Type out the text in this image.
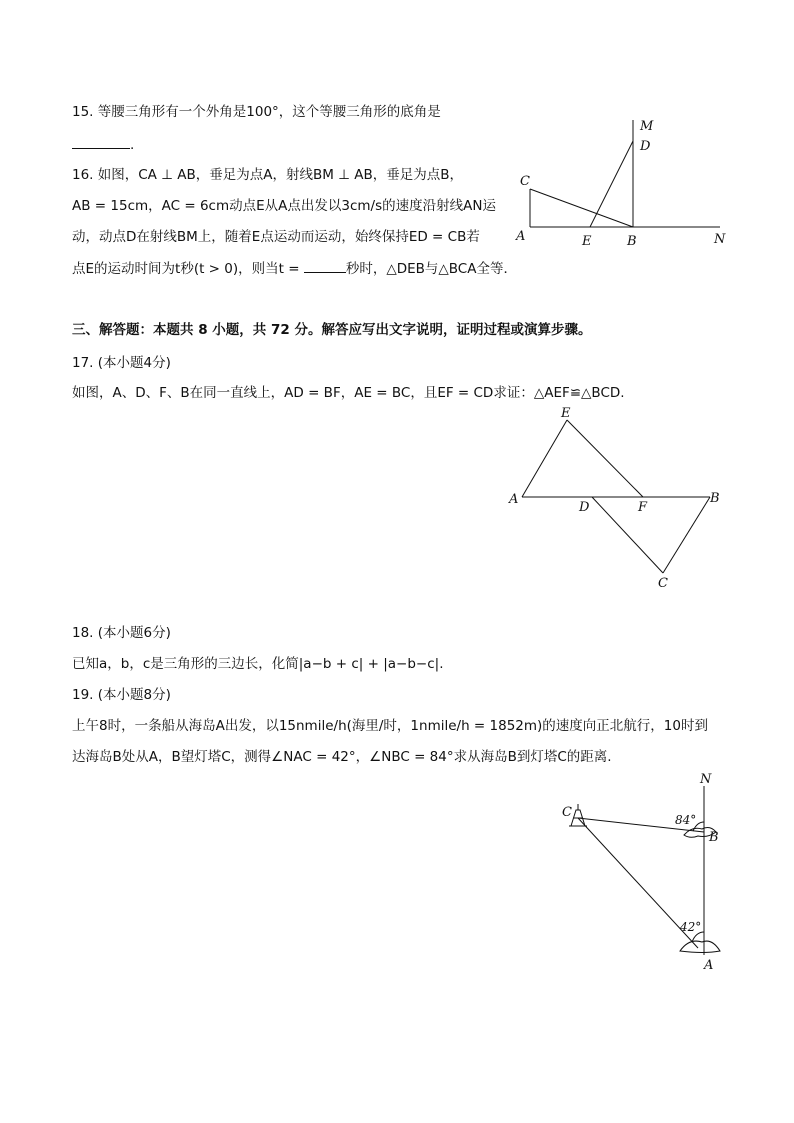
15. 等腰三角形有一个外角是100°，这个等腰三角形的底角是
.
16. 如图，CA ⊥ AB，垂足为点A，射线BM ⊥ AB，垂足为点B，
AB = 15cm，AC = 6cm动点E从A点出发以3cm/s的速度沿射线AN运
动，动点D在射线BM上，随着E点运动而运动，始终保持ED = CB若
点E的运动时间为t秒(t > 0)，则当t =	秒时，△DEB与△BCA全等．
M
D
C
A	E	B	N
三、解答题：本题共 8 小题，共 72 分。解答应写出文字说明，证明过程或演算步骤。
17. (本小题4分)
如图，A、D、F、B在同一直线上，AD = BF，AE = BC，且EF = CD求证：△AEF≌△BCD.
E
A
D	F
B
C
18. (本小题6分)
已知a，b，c是三角形的三边长，化简|a−b + c| + |a−b−c|.
19. (本小题8分)
上午8时，一条船从海岛A出发，以15nmile/h(海里/时，1nmile/h = 1852m)的速度向正北航行，10时到
达海岛B处从A，B望灯塔C，测得∠NAC = 42°，∠NBC = 84°求从海岛B到灯塔C的距离.
N
C
B
A
84°
42°
